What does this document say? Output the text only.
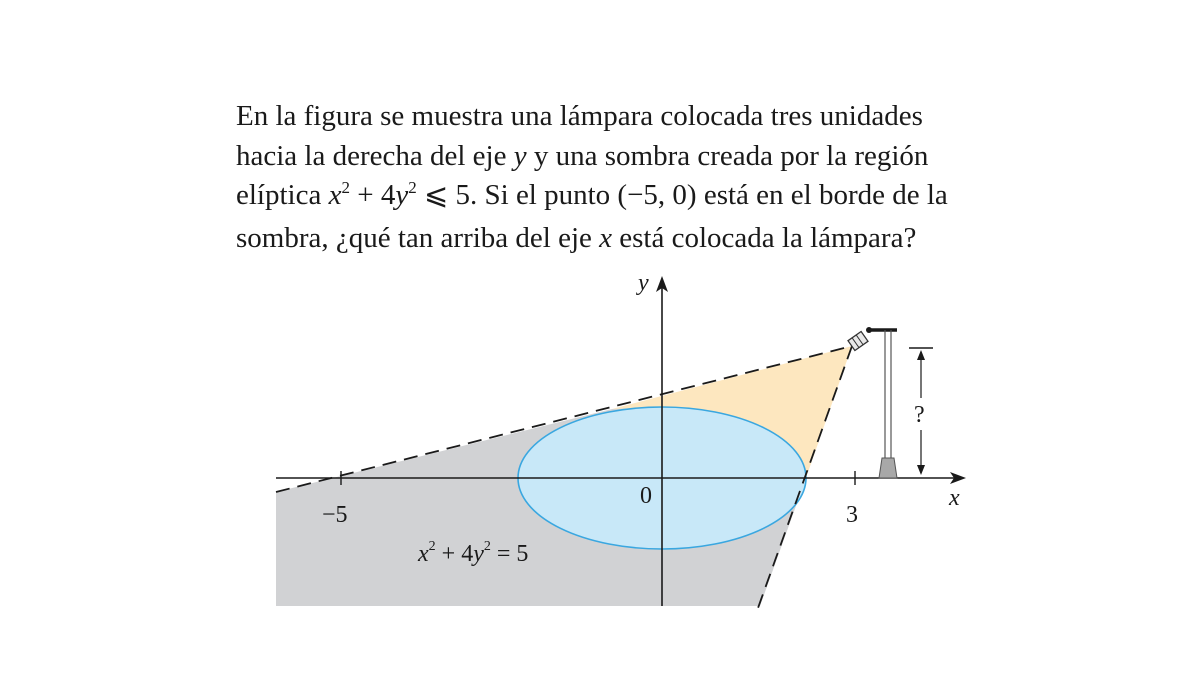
En la figura se muestra una lámpara colocada tres unidades
hacia la derecha del eje y y una sombra creada por la región
elíptica $x^2 + 4y^2$ ⩽ 5. Si el punto (−5, 0) está en el borde de la
sombra, ¿qué tan arriba del eje x está colocada la lámpara?
y
x
0
−5	3
?
$x^2 + 4y^2 = 5$
